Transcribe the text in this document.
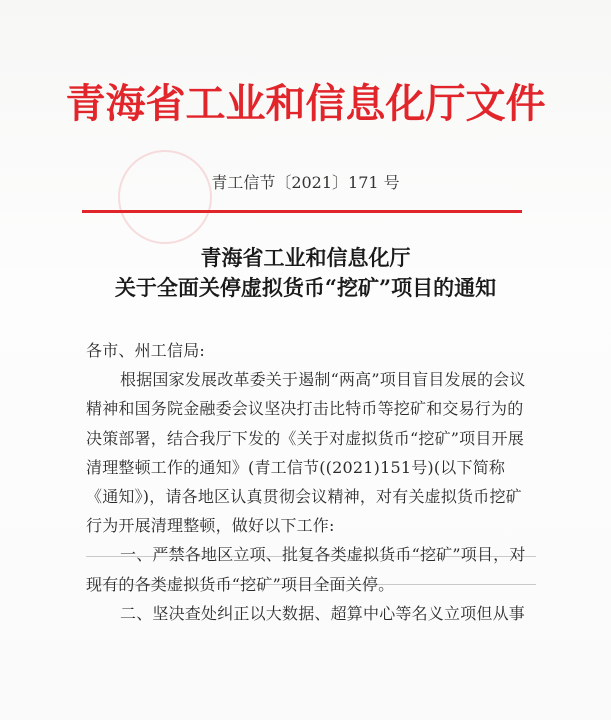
青海省工业和信息化厅文件
青工信节〔2021〕171 号
青海省工业和信息化厅
关于全面关停虚拟货币“挖矿”项目的通知
各市、州工信局:
根据国家发展改革委关于遏制“两高”项目盲目发展的会议
精神和国务院金融委会议坚决打击比特币等挖矿和交易行为的
决策部署，结合我厅下发的《关于对虚拟货币“挖矿”项目开展
清理整顿工作的通知》(青工信节((2021)151号)(以下简称
《通知》)，请各地区认真贯彻会议精神，对有关虚拟货币挖矿
行为开展清理整顿，做好以下工作:
一、严禁各地区立项、批复各类虚拟货币“挖矿”项目，对
现有的各类虚拟货币“挖矿”项目全面关停。
二、坚决查处纠正以大数据、超算中心等名义立项但从事
